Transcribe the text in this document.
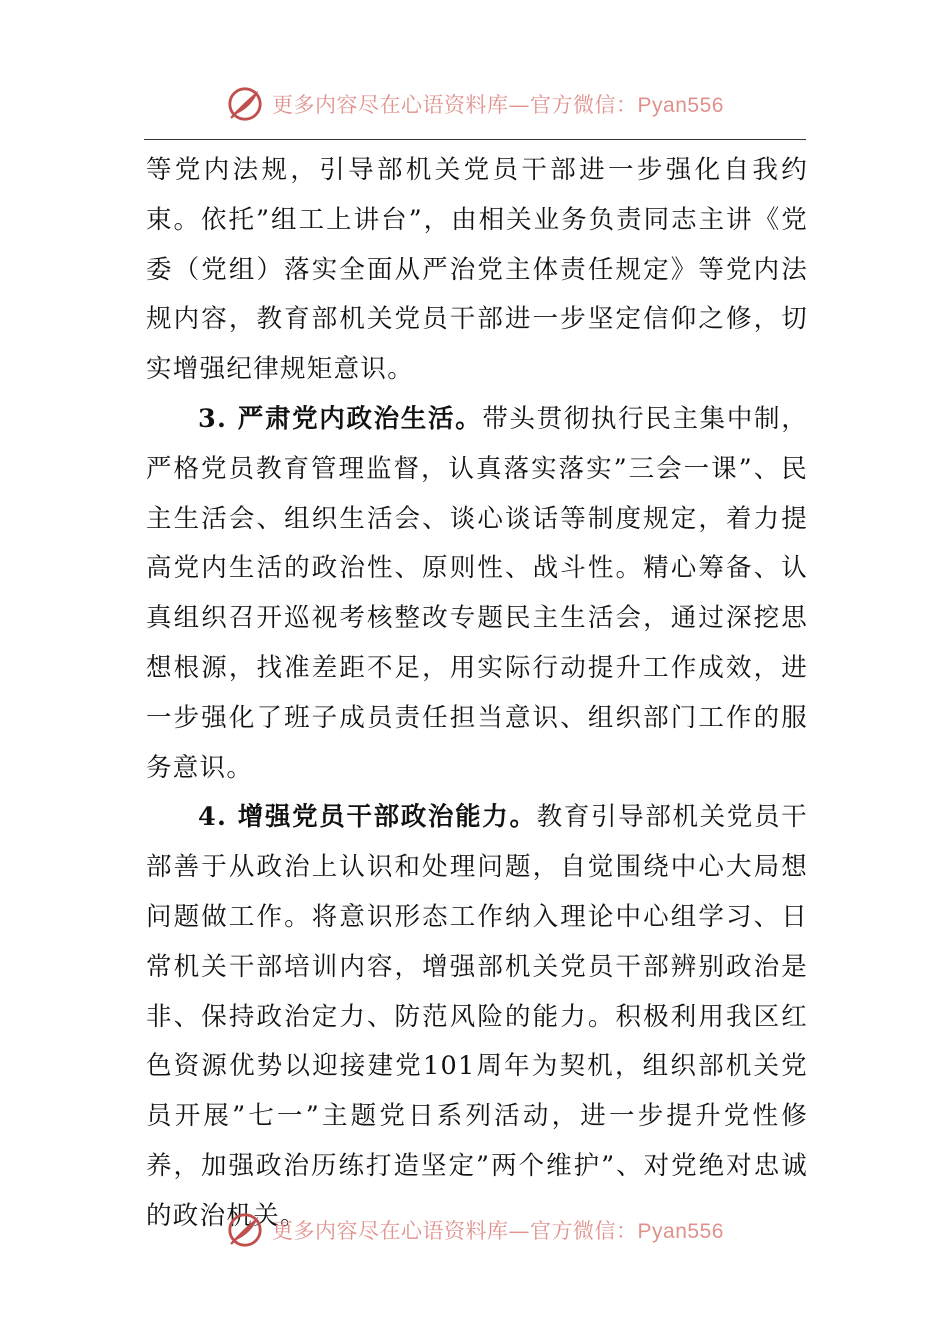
更多内容尽在心语资料库—官方微信：Pyan556

等党内法规，引导部机关党员干部进一步强化自我约束。依托”组工上讲台”，由相关业务负责同志主讲《党委（党组）落实全面从严治党主体责任规定》等党内法规内容，教育部机关党员干部进一步坚定信仰之修，切实增强纪律规矩意识。

3. 严肃党内政治生活。带头贯彻执行民主集中制，严格党员教育管理监督，认真落实落实”三会一课”、民主生活会、组织生活会、谈心谈话等制度规定，着力提高党内生活的政治性、原则性、战斗性。精心筹备、认真组织召开巡视考核整改专题民主生活会，通过深挖思想根源，找准差距不足，用实际行动提升工作成效，进一步强化了班子成员责任担当意识、组织部门工作的服务意识。

4. 增强党员干部政治能力。教育引导部机关党员干部善于从政治上认识和处理问题，自觉围绕中心大局想问题做工作。将意识形态工作纳入理论中心组学习、日常机关干部培训内容，增强部机关党员干部辨别政治是非、保持政治定力、防范风险的能力。积极利用我区红色资源优势以迎接建党101周年为契机，组织部机关党员开展”七一”主题党日系列活动，进一步提升党性修养，加强政治历练打造坚定”两个维护”、对党绝对忠诚的政治机关。

更多内容尽在心语资料库—官方微信：Pyan556
